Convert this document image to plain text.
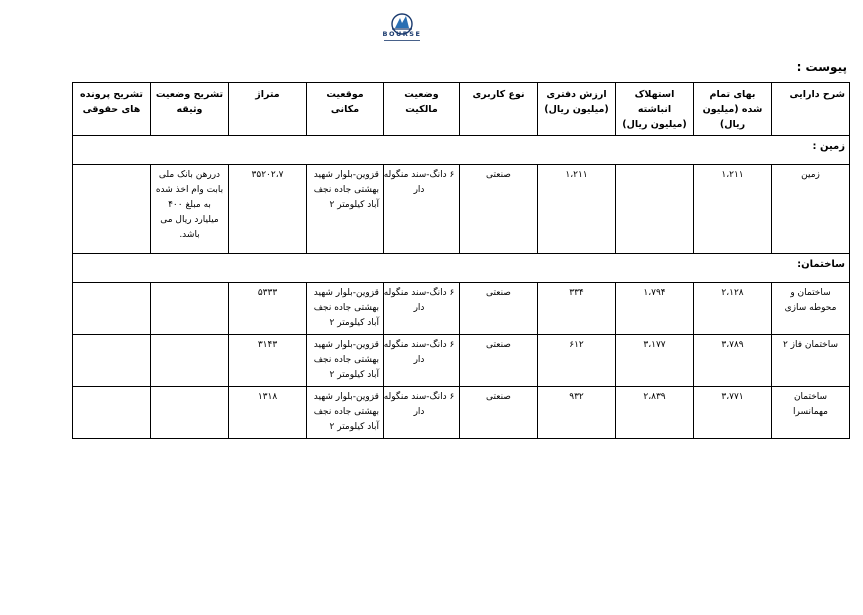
BOURSE
پیوست :
شرح دارایی	بهای تمام شده (میلیون ریال)	استهلاک انباشته (میلیون ریال)	ارزش دفتری (میلیون ریال)	نوع کاربری	وضعیت مالکیت	موقعیت مکانی	متراژ	تشریح وضعیت وثیقه	تشریح پرونده های حقوقی
زمین :									
زمین	۱،۲۱۱		۱،۲۱۱	صنعتی	۶ دانگ-سند منگوله دار	قزوین-بلوار شهید بهشتی جاده نجف آباد کیلومتر ۲	۳۵۲۰۲،۷	دررهن بانک ملی بابت وام اخذ شده به مبلغ ۴۰۰ میلیارد ریال می باشد.	
ساختمان:									
ساختمان و محوطه سازی	۲،۱۲۸	۱،۷۹۴	۳۳۴	صنعتی	۶ دانگ-سند منگوله دار	قزوین-بلوار شهید بهشتی جاده نجف آباد کیلومتر ۲	۵۳۳۳		
ساختمان فاز ۲	۳،۷۸۹	۳،۱۷۷	۶۱۲	صنعتی	۶ دانگ-سند منگوله دار	قزوین-بلوار شهید بهشتی جاده نجف آباد کیلومتر ۲	۳۱۴۳		
ساختمان مهمانسرا	۳،۷۷۱	۲،۸۳۹	۹۳۲	صنعتی	۶ دانگ-سند منگوله دار	قزوین-بلوار شهید بهشتی جاده نجف آباد کیلومتر ۲	۱۳۱۸		
